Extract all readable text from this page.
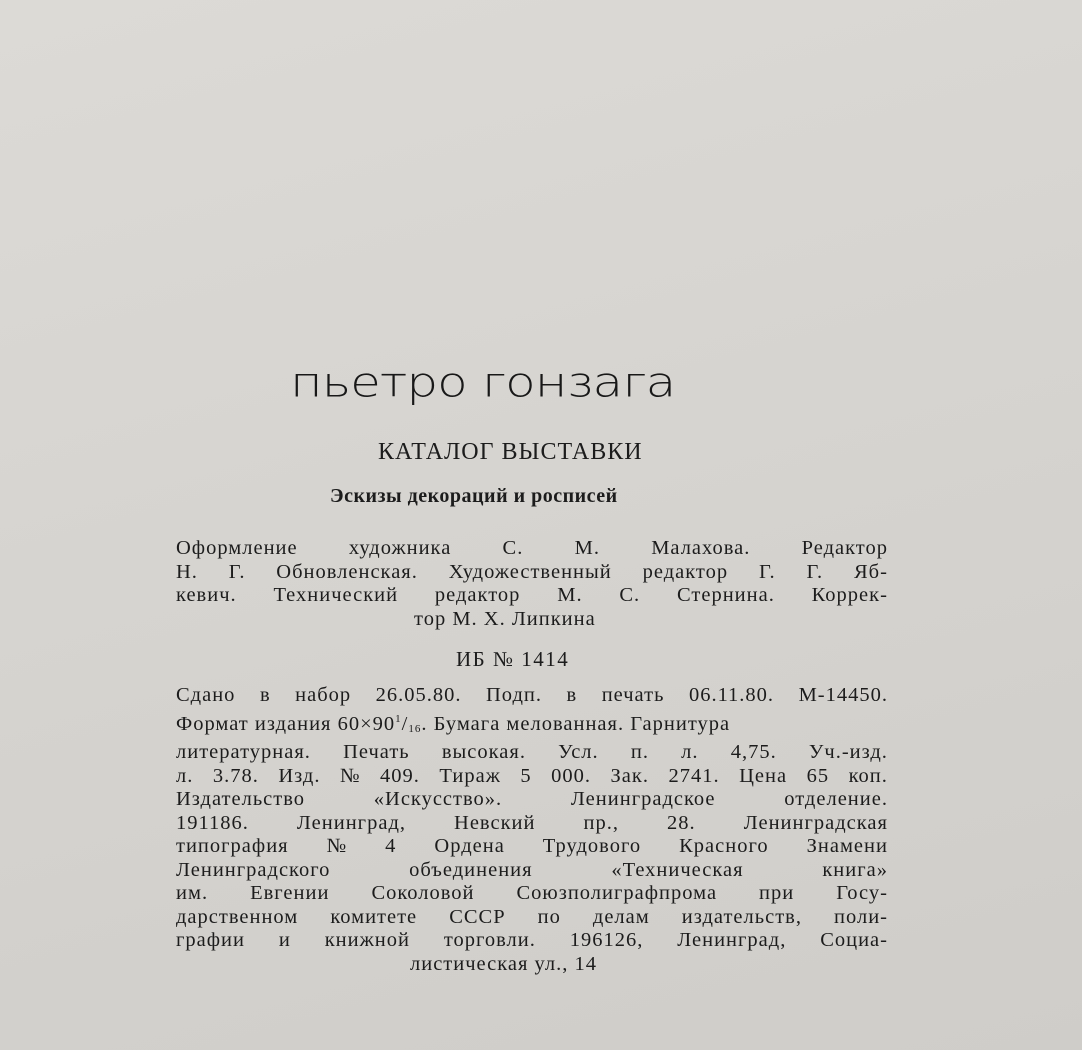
пьетро гонзага
КАТАЛОГ ВЫСТАВКИ
Эскизы декораций и росписей
Оформление художника С. М. Малахова. Редактор
Н. Г. Обновленская. Художественный редактор Г. Г. Яб-
кевич. Технический редактор М. С. Стернина. Коррек-
тор М. Х. Липкина
ИБ № 1414
Сдано в набор 26.05.80. Подп. в печать 06.11.80. М-14450.
Формат издания $60\times 90^1/_{16}$. Бумага мелованная. Гарнитура
литературная. Печать высокая. Усл. п. л. 4,75. Уч.-изд.
л. 3.78. Изд. № 409. Тираж 5 000. Зак. 2741. Цена 65 коп.
Издательство	«Искусство».	Ленинградское	отделение.
191186. Ленинград, Невский пр., 28. Ленинградская
типография № 4 Ордена Трудового Красного Знамени
Ленинградского	объединения	«Техническая	книга»
им. Евгении Соколовой Союзполиграфпрома при Госу-
дарственном комитете СССР по делам издательств, поли-
графии и книжной торговли. 196126, Ленинград, Социа-
листическая ул., 14
